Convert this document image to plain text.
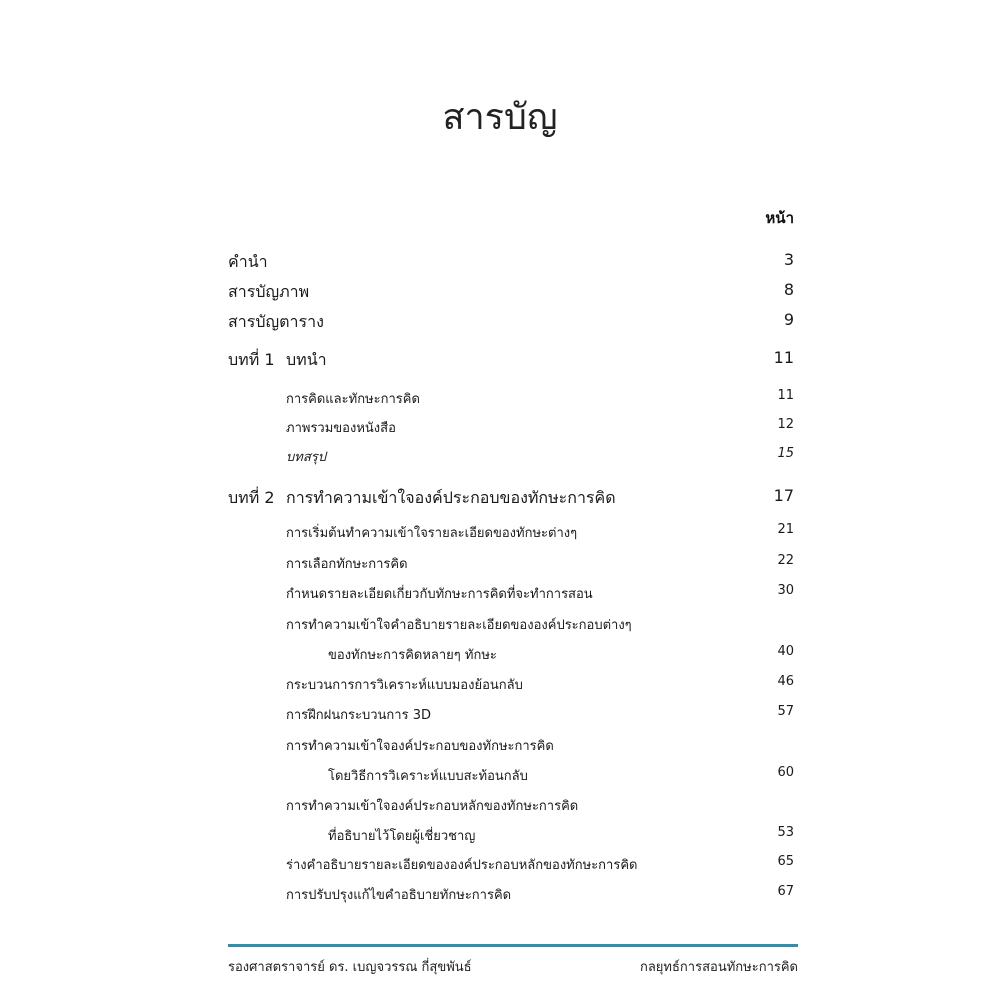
สารบัญ
หน้า
คำนำ	3
สารบัญภาพ	8
สารบัญตาราง	9
บทที่ 1 บทนำ	11
การคิดและทักษะการคิด	11
ภาพรวมของหนังสือ	12
บทสรุป	15
บทที่ 2 การทำความเข้าใจองค์ประกอบของทักษะการคิด	17
การเริ่มต้นทำความเข้าใจรายละเอียดของทักษะต่างๆ	21
การเลือกทักษะการคิด	22
กำหนดรายละเอียดเกี่ยวกับทักษะการคิดที่จะทำการสอน	30
การทำความเข้าใจคำอธิบายรายละเอียดขององค์ประกอบต่างๆ
ของทักษะการคิดหลายๆ ทักษะ	40
กระบวนการการวิเคราะห์แบบมองย้อนกลับ	46
การฝึกฝนกระบวนการ 3D	57
การทำความเข้าใจองค์ประกอบของทักษะการคิด
โดยวิธีการวิเคราะห์แบบสะท้อนกลับ	60
การทำความเข้าใจองค์ประกอบหลักของทักษะการคิด
ที่อธิบายไว้โดยผู้เชี่ยวชาญ	53
ร่างคำอธิบายรายละเอียดขององค์ประกอบหลักของทักษะการคิด	65
การปรับปรุงแก้ไขคำอธิบายทักษะการคิด	67
รองศาสตราจารย์ ดร. เบญจวรรณ กี่สุขพันธ์	กลยุทธ์การสอนทักษะการคิด
